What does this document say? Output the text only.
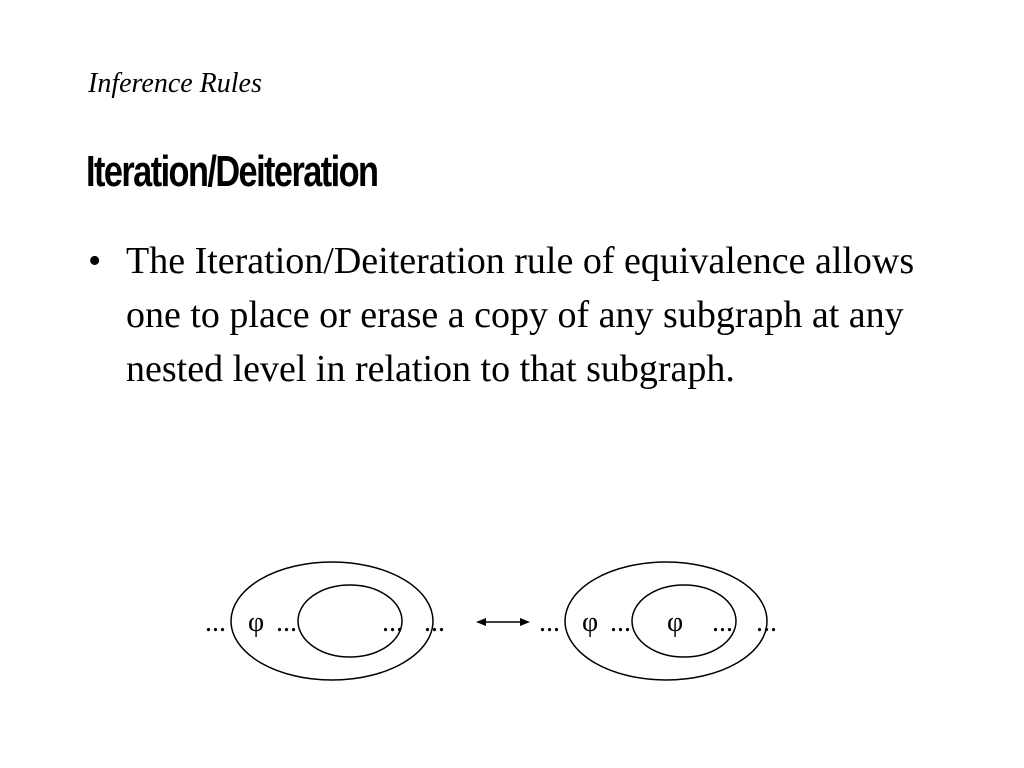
Inference Rules
Iteration/Deiteration
• The Iteration/Deiteration rule of equivalence allows one to place or erase a copy of any subgraph at any nested level in relation to that subgraph.
... φ ...	... ...	... φ ... φ ... ...
